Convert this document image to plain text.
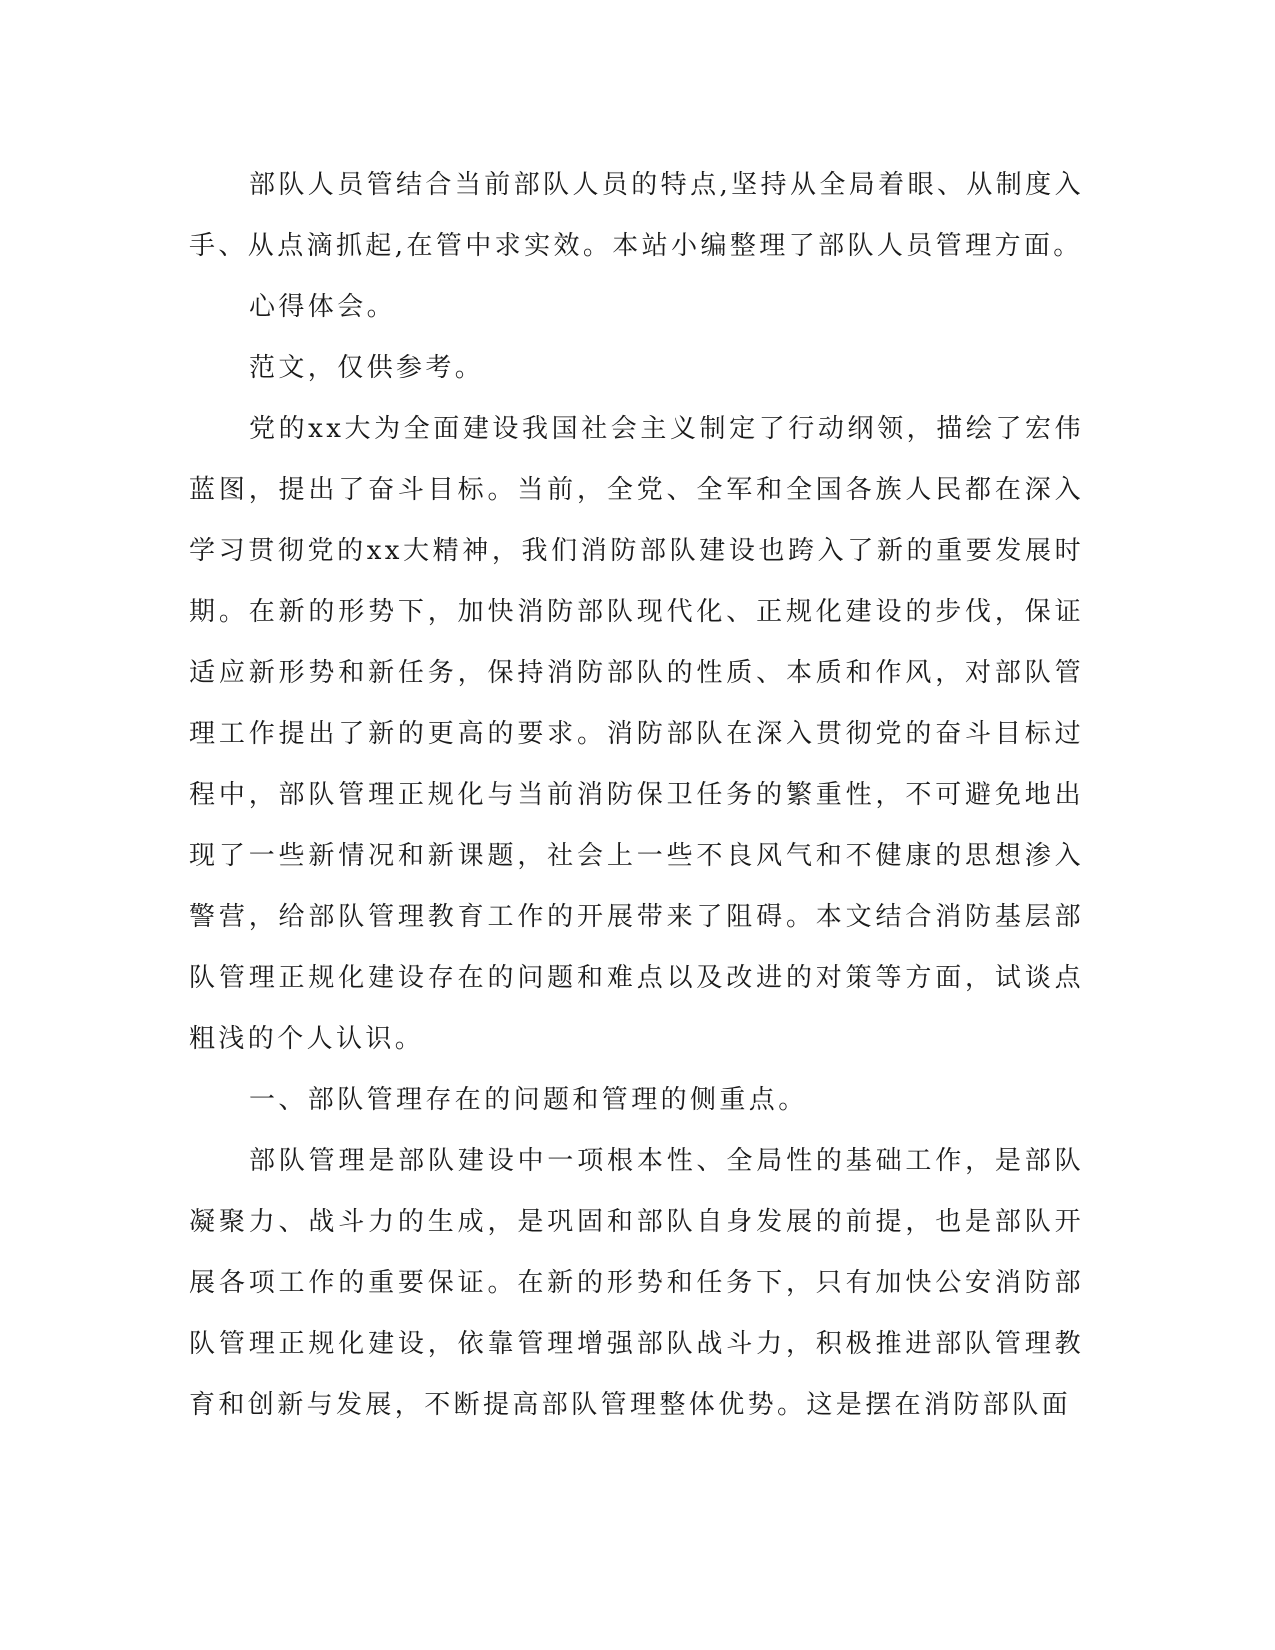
部队人员管结合当前部队人员的特点,坚持从全局着眼、从制度入手、从点滴抓起,在管中求实效。本站小编整理了部队人员管理方面。

心得体会。

范文，仅供参考。

党的xx大为全面建设我国社会主义制定了行动纲领，描绘了宏伟蓝图，提出了奋斗目标。当前，全党、全军和全国各族人民都在深入学习贯彻党的xx大精神，我们消防部队建设也跨入了新的重要发展时期。在新的形势下，加快消防部队现代化、正规化建设的步伐，保证适应新形势和新任务，保持消防部队的性质、本质和作风，对部队管理工作提出了新的更高的要求。消防部队在深入贯彻党的奋斗目标过程中，部队管理正规化与当前消防保卫任务的繁重性，不可避免地出现了一些新情况和新课题，社会上一些不良风气和不健康的思想渗入警营，给部队管理教育工作的开展带来了阻碍。本文结合消防基层部队管理正规化建设存在的问题和难点以及改进的对策等方面，试谈点粗浅的个人认识。

一、部队管理存在的问题和管理的侧重点。

部队管理是部队建设中一项根本性、全局性的基础工作，是部队凝聚力、战斗力的生成，是巩固和部队自身发展的前提，也是部队开展各项工作的重要保证。在新的形势和任务下，只有加快公安消防部队管理正规化建设，依靠管理增强部队战斗力，积极推进部队管理教育和创新与发展，不断提高部队管理整体优势。这是摆在消防部队面
